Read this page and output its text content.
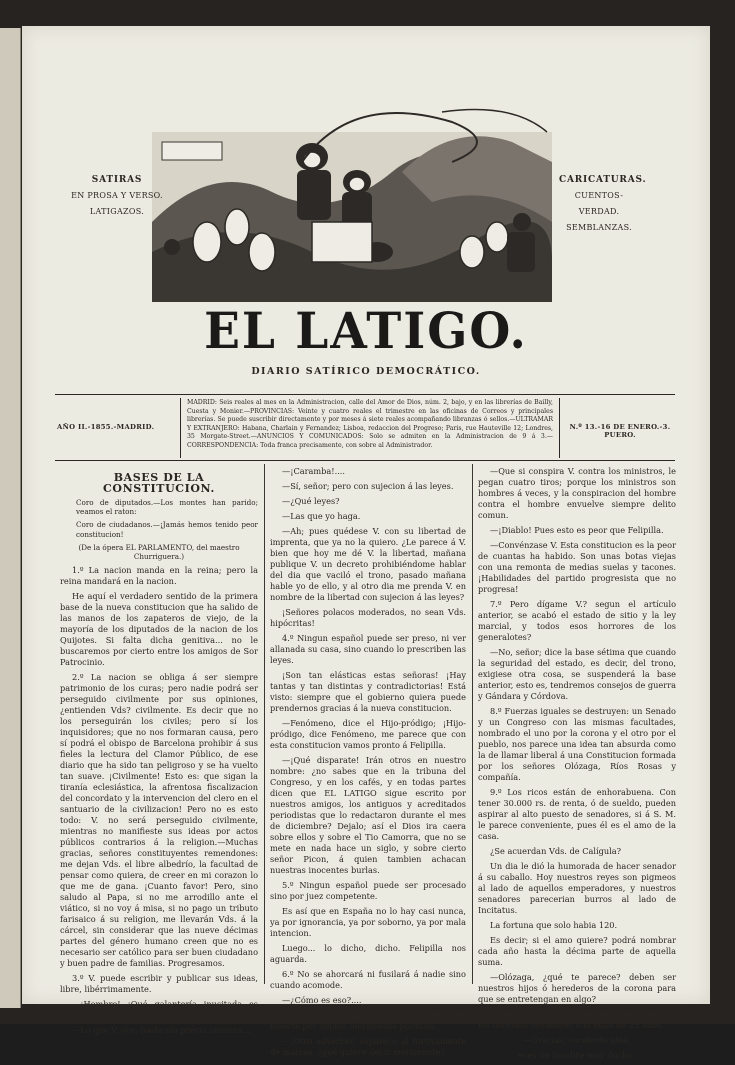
SATIRAS
EN PROSA Y VERSO.
LATIGAZOS.
CARICATURAS.
CUENTOS- VERDAD.
SEMBLANZAS.
EL LATIGO.
DIARIO SATÍRICO DEMOCRÁTICO.
AÑO II.-1855.-MADRID.
MADRID: Seis reales al mes en la Administracion, calle del Amor de Dios, núm. 2, bajo, y en las librerías de Bailly, Cuesta y Monier.—PROVINCIAS: Veinte y cuatro reales el trimestre en las oficinas de Correos y principales librerías. Se puede suscribir directamente y por meses á siete reales acompañando libranzas ó sellos.—ULTRAMAR Y EXTRANJERO: Habana, Charlain y Fernandez; Lisboa, redaccion del Progreso; Paris, rue Hauteville 12; Londres, 35 Morgate-Street.—ANUNCIOS Y COMUNICADOS: Solo se admiten en la Administracion de 9 á 3.—CORRESPONDENCIA: Toda franca precisamente, con sobre al Administrador.
N.º 13.-16 DE ENERO.-3. PUERO.
BASES DE LA CONSTITUCION.

Coro de diputados.—Los montes han parido; veamos el raton:

Coro de ciudadanos.—¡Jamás hemos tenido peor constitucion!

(De la ópera EL PARLAMENTO, del maestro Churriguera.)

1.º La nacion manda en la reina; pero la reina mandará en la nacion.

He aquí el verdadero sentido de la primera base de la nueva constitucion que ha salido de las manos de los zapateros de viejo, de la mayoría de los diputados de la nacion de los Quijotes. Si falta dicha genitiva... no le buscaremos por cierto entre los amigos de Sor Patrocinio.

2.º La nacion se obliga á ser siempre patrimonio de los curas; pero nadie podrá ser perseguido civilmente por sus opiniones, ¿entienden Vds? civilmente. Es decir que no los perseguirán los civiles; pero sí los inquisidores; que no nos formaran causa, pero sí podrá el obispo de Barcelona prohibir á sus fieles la lectura del Clamor Público, de ese diario que ha sido tan peligroso y se ha vuelto tan suave. ¡Civilmente! Esto es: que sigan la tiranía eclesiástica, la afrentosa fiscalizacion del concordato y la intervencion del clero en el santuario de la civilizacion! Pero no es esto todo: V. no será perseguido civilmente, mientras no manifieste sus ideas por actos públicos contrarios á la religion.—Muchas gracias, señores constituyentes remendones: me dejan Vds. el libre albedrío, la facultad de pensar como quiera, de creer en mi corazon lo que me de gana. ¡Cuanto favor! Pero, sino saludo al Papa, si no me arrodillo ante el viático, si no voy á misa, si no pago un tributo farisaico á su religion, me llevarán Vds. á la cárcel, sin considerar que las nueve décimas partes del género humano creen que no es necesario ser católico para ser buen ciudadano y buen padre de familias. Progresamos.

3.º V. puede escribir y publicar sus ideas, libre, libérrimamente.

—¡Hombre! ¡Qué galantería inusitada es esa?

—Lo que V. oye; hasta sin prévia censura....

—¡Caramba!....

—Sí, señor; pero con sujecion á las leyes.

—¿Qué leyes?

—Las que yo haga.

—Ah; pues quédese V. con su libertad de imprenta, que ya no la quiero. ¿Le parece á V. bien que hoy me dé V. la libertad, mañana publique V. un decreto prohibiéndome hablar del dia que vaciló el trono, pasado mañana hable yo de ello, y al otro dia me prenda V. en nombre de la libertad con sujecion á las leyes?

¡Señores polacos moderados, no sean Vds. hipócritas!

4.º Ningun español puede ser preso, ni ver allanada su casa, sino cuando lo prescriben las leyes.

¡Son tan elásticas estas señoras! ¡Hay tantas y tan distintas y contradictorias! Está visto: siempre que el gobierno quiera puede prendernos gracias á la nueva constitucion.

—Fenómeno, dice el Hijo-pródigo; ¡Hijo-pródigo, dice Fenómeno, me parece que con esta constitucion vamos pronto á Felipilla.

—¡Qué disparate! Irán otros en nuestro nombre: ¿no sabes que en la tribuna del Congreso, y en los cafés, y en todas partes dicen que EL LATIGO sigue escrito por nuestros amigos, los antiguos y acreditados periodistas que lo redactaron durante el mes de diciembre? Dejalo; así el Dios ira caera sobre ellos y sobre el Tio Camorra, que no se mete en nada hace un siglo, y sobre cierto señor Picon, á quien tambien achacan nuestras inocentes burlas.

5.º Ningun español puede ser procesado sino por juez competente.

Es así que en España no lo hay casi nunca, ya por ignorancia, ya por soborno, ya por mala intencion.

Luego... lo dicho, dicho. Felipilla nos aguarda.

6.º No se ahorcará ni fusilará á nadie sino cuando acomode.

—¿Cómo es eso?....

—Es decir que queda abolida la pena de muerte por delitos meramente políticos.

—¡Otro adverbio! separece al furtivamente de marras. ¿qué quiere decir meramente?

—Que si conspira V. contra los ministros, le pegan cuatro tiros; porque los ministros son hombres á veces, y la conspiracion del hombre contra el hombre envuelve siempre delito comun.

—¡Diablo! Pues esto es peor que Felipilla.

—Convénzase V. Esta constitucion es la peor de cuantas ha habido. Son unas botas viejas con una remonta de medias suelas y tacones. ¡Habilidades del partido progresista que no progresa!

7.º Pero dígame V.? segun el artículo anterior, se acabó el estado de sitio y la ley marcial, y todos esos horrores de los generalotes?

—No, señor; dice la base sétima que cuando la seguridad del estado, es decir, del trono, exigiese otra cosa, se suspenderá la base anterior, esto es, tendremos consejos de guerra y Gándara y Córdova.

8.º Fuerzas iguales se destruyen: un Senado y un Congreso con las mismas facultades, nombrado el uno por la corona y el otro por el pueblo, nos parece una idea tan absurda como la de llamar liberal á una Constitucion formada por los señores Olózaga, Ríos Rosas y compañía.

9.º Los ricos están de enhorabuena. Con tener 30.000 rs. de renta, ó de sueldo, pueden aspirar al alto puesto de senadores, si á S. M. le parece conveniente, pues él es el amo de la casa.

¿Se acuerdan Vds. de Calígula?

Un dia le dió la humorada de hacer senador á su caballo. Hoy nuestros reyes son pigmeos al lado de aquellos emperadores, y nuestros senadores parecerian burros al lado de Incitatus.

La fortuna que solo habia 120.

Es decir; si el amo quiere? podrá nombrar cada año hasta la décima parte de aquella suma.

—Olózaga, ¿qué te parece? deben ser nuestros hijos ó herederos de la corona para que se entretengan en algo?

—Señor, para que engorden y se diviertan, los haremos senadores á la edad de 25 años.

—Gracias; escelente idea,

eres un hombre muy ducho;
